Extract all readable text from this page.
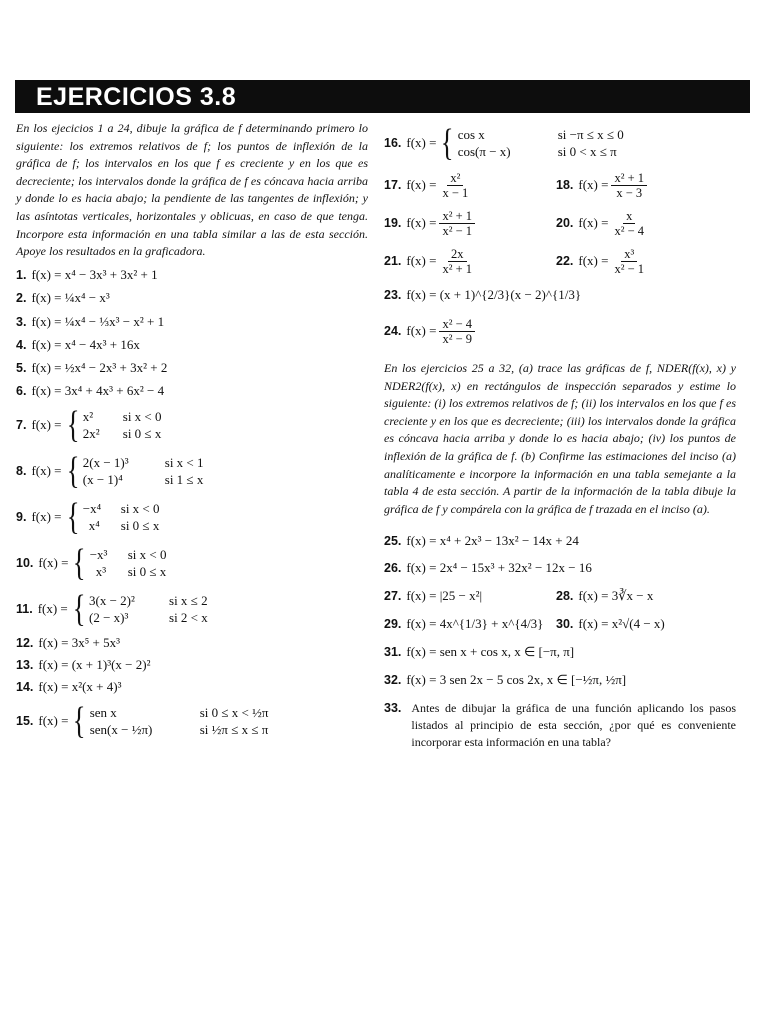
EJERCICIOS 3.8

En los ejecicios 1 a 24, dibuje la gráfica de f determinando primero lo siguiente: los extremos relativos de f; los puntos de inflexión de la gráfica de f; los intervalos en los que f es creciente y en los que es decreciente; los intervalos donde la gráfica de f es cóncava hacia arriba y donde lo es hacia abajo; la pendiente de las tangentes de inflexión; y las asíntotas verticales, horizontales y oblicuas, en caso de que tenga. Incorpore esta información en una tabla similar a las de esta sección. Apoye los resultados en la graficadora.

1. f(x) = x⁴ − 3x³ + 3x² + 1
2. f(x) = ¼x⁴ − x³
3. f(x) = ¼x⁴ − ⅓x³ − x² + 1
4. f(x) = x⁴ − 4x³ + 16x
5. f(x) = ½x⁴ − 2x³ + 3x² + 2
6. f(x) = 3x⁴ + 4x³ + 6x² − 4
7. f(x) = { x²	si x < 0
2x²	si 0 ≤ x
8. f(x) = { 2(x − 1)³	si x < 1
(x − 1)⁴	si 1 ≤ x
9. f(x) = { −x⁴	si x < 0
x⁴	si 0 ≤ x
10. f(x) = { −x³	si x < 0
x³	si 0 ≤ x
11. f(x) = { 3(x − 2)²	si x ≤ 2
(2 − x)³	si 2 < x
12. f(x) = 3x⁵ + 5x³
13. f(x) = (x + 1)³(x − 2)²
14. f(x) = x²(x + 4)³
15. f(x) = { sen x	si 0 ≤ x < ½π
sen(x − ½π)	si ½π ≤ x ≤ π
16. f(x) = { cos x	si −π ≤ x ≤ 0
cos(π − x)	si 0 < x ≤ π
17. $f(x) = \frac{\text{x²}}{x - 1}$	18. $f(x) = \frac{\text{x² + 1}}{x - 3}$
19. $f(x) = \frac{\text{x² + 1}}{\text{x² − 1}}$	20. $f(x) = \frac{x}{\text{x² − 4}}$
21. $f(x) = \frac{2x}{\text{x² + 1}}$	22. $f(x) = \frac{\text{x³}}{\text{x² − 1}}$
23. f(x) = (x + 1)^{2/3}(x − 2)^{1/3}
24. $f(x) = \frac{\text{x² − 4}}{\text{x² − 9}}$

En los ejercicios 25 a 32, (a) trace las gráficas de f, NDER(f(x), x) y NDER2(f(x), x) en rectángulos de inspección separados y estime lo siguiente: (i) los extremos relativos de f; (ii) los intervalos en los que f es creciente y en los que es decreciente; (iii) los intervalos donde la gráfica es cóncava hacia arriba y donde lo es hacia abajo; (iv) los puntos de inflexión de la gráfica de f. (b) Confirme las estimaciones del inciso (a) analíticamente e incorpore la información en una tabla semejante a la tabla 4 de esta sección. A partir de la información de la tabla dibuje la gráfica de f y compárela con la gráfica de f trazada en el inciso (a).

25. f(x) = x⁴ + 2x³ − 13x² − 14x + 24
26. f(x) = 2x⁴ − 15x³ + 32x² − 12x − 16
27. f(x) = |25 − x²|	28. f(x) = 3∛x − x
29. f(x) = 4x^{1/3} + x^{4/3} 30. f(x) = x²√(4 − x)
31. f(x) = sen x + cos x, x ∈ [−π, π]
32. f(x) = 3 sen 2x − 5 cos 2x, x ∈ [−½π, ½π]
33. Antes de dibujar la gráfica de una función aplicando los pasos listados al principio de esta sección, ¿por qué es conveniente incorporar esta información en una tabla?
